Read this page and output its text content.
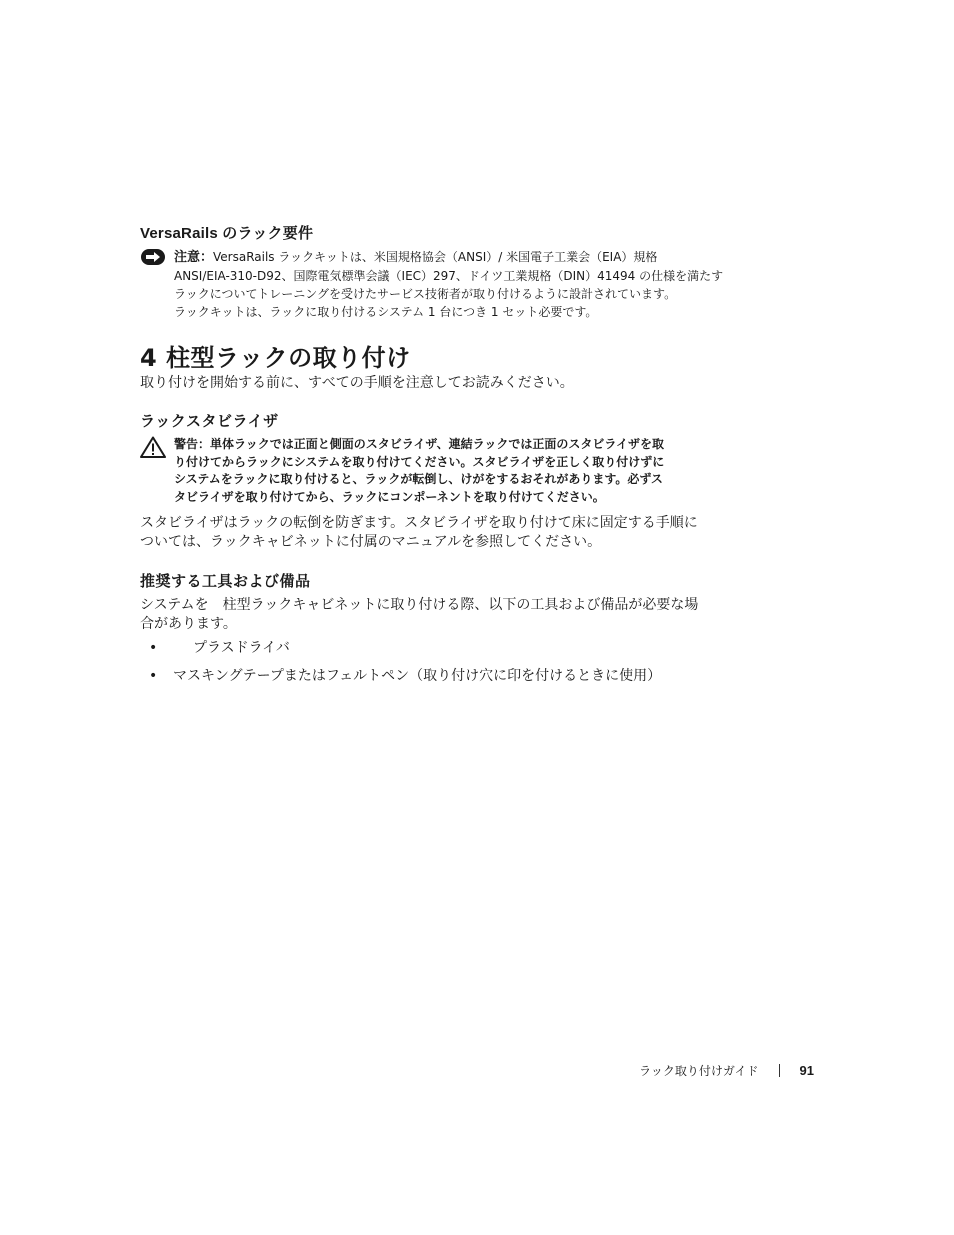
VersaRails のラック要件
注意：VersaRails ラックキットは、米国規格協会（ANSI）/ 米国電子工業会（EIA）規格
ANSI/EIA-310-D92、国際電気標準会議（IEC）297、ドイツ工業規格（DIN）41494 の仕様を満たす
ラックについてトレーニングを受けたサービス技術者が取り付けるように設計されています。
ラックキットは、ラックに取り付けるシステム 1 台につき 1 セット必要です。
4 柱型ラックの取り付け

取り付けを開始する前に、すべての手順を注意してお読みください。

ラックスタビライザ
警告：単体ラックでは正面と側面のスタビライザ、連結ラックでは正面のスタビライザを取
り付けてからラックにシステムを取り付けてください。スタビライザを正しく取り付けずに
システムをラックに取り付けると、ラックが転倒し、けがをするおそれがあります。必ずス
タビライザを取り付けてから、ラックにコンポーネントを取り付けてください。
スタビライザはラックの転倒を防ぎます。スタビライザを取り付けて床に固定する手順に
ついては、ラックキャビネットに付属のマニュアルを参照してください。
推奨する工具および備品
システムを　柱型ラックキャビネットに取り付ける際、以下の工具および備品が必要な場
合があります。
•	プラスドライバ
• マスキングテープまたはフェルトペン（取り付け穴に印を付けるときに使用）
ラック取り付けガイド	91
